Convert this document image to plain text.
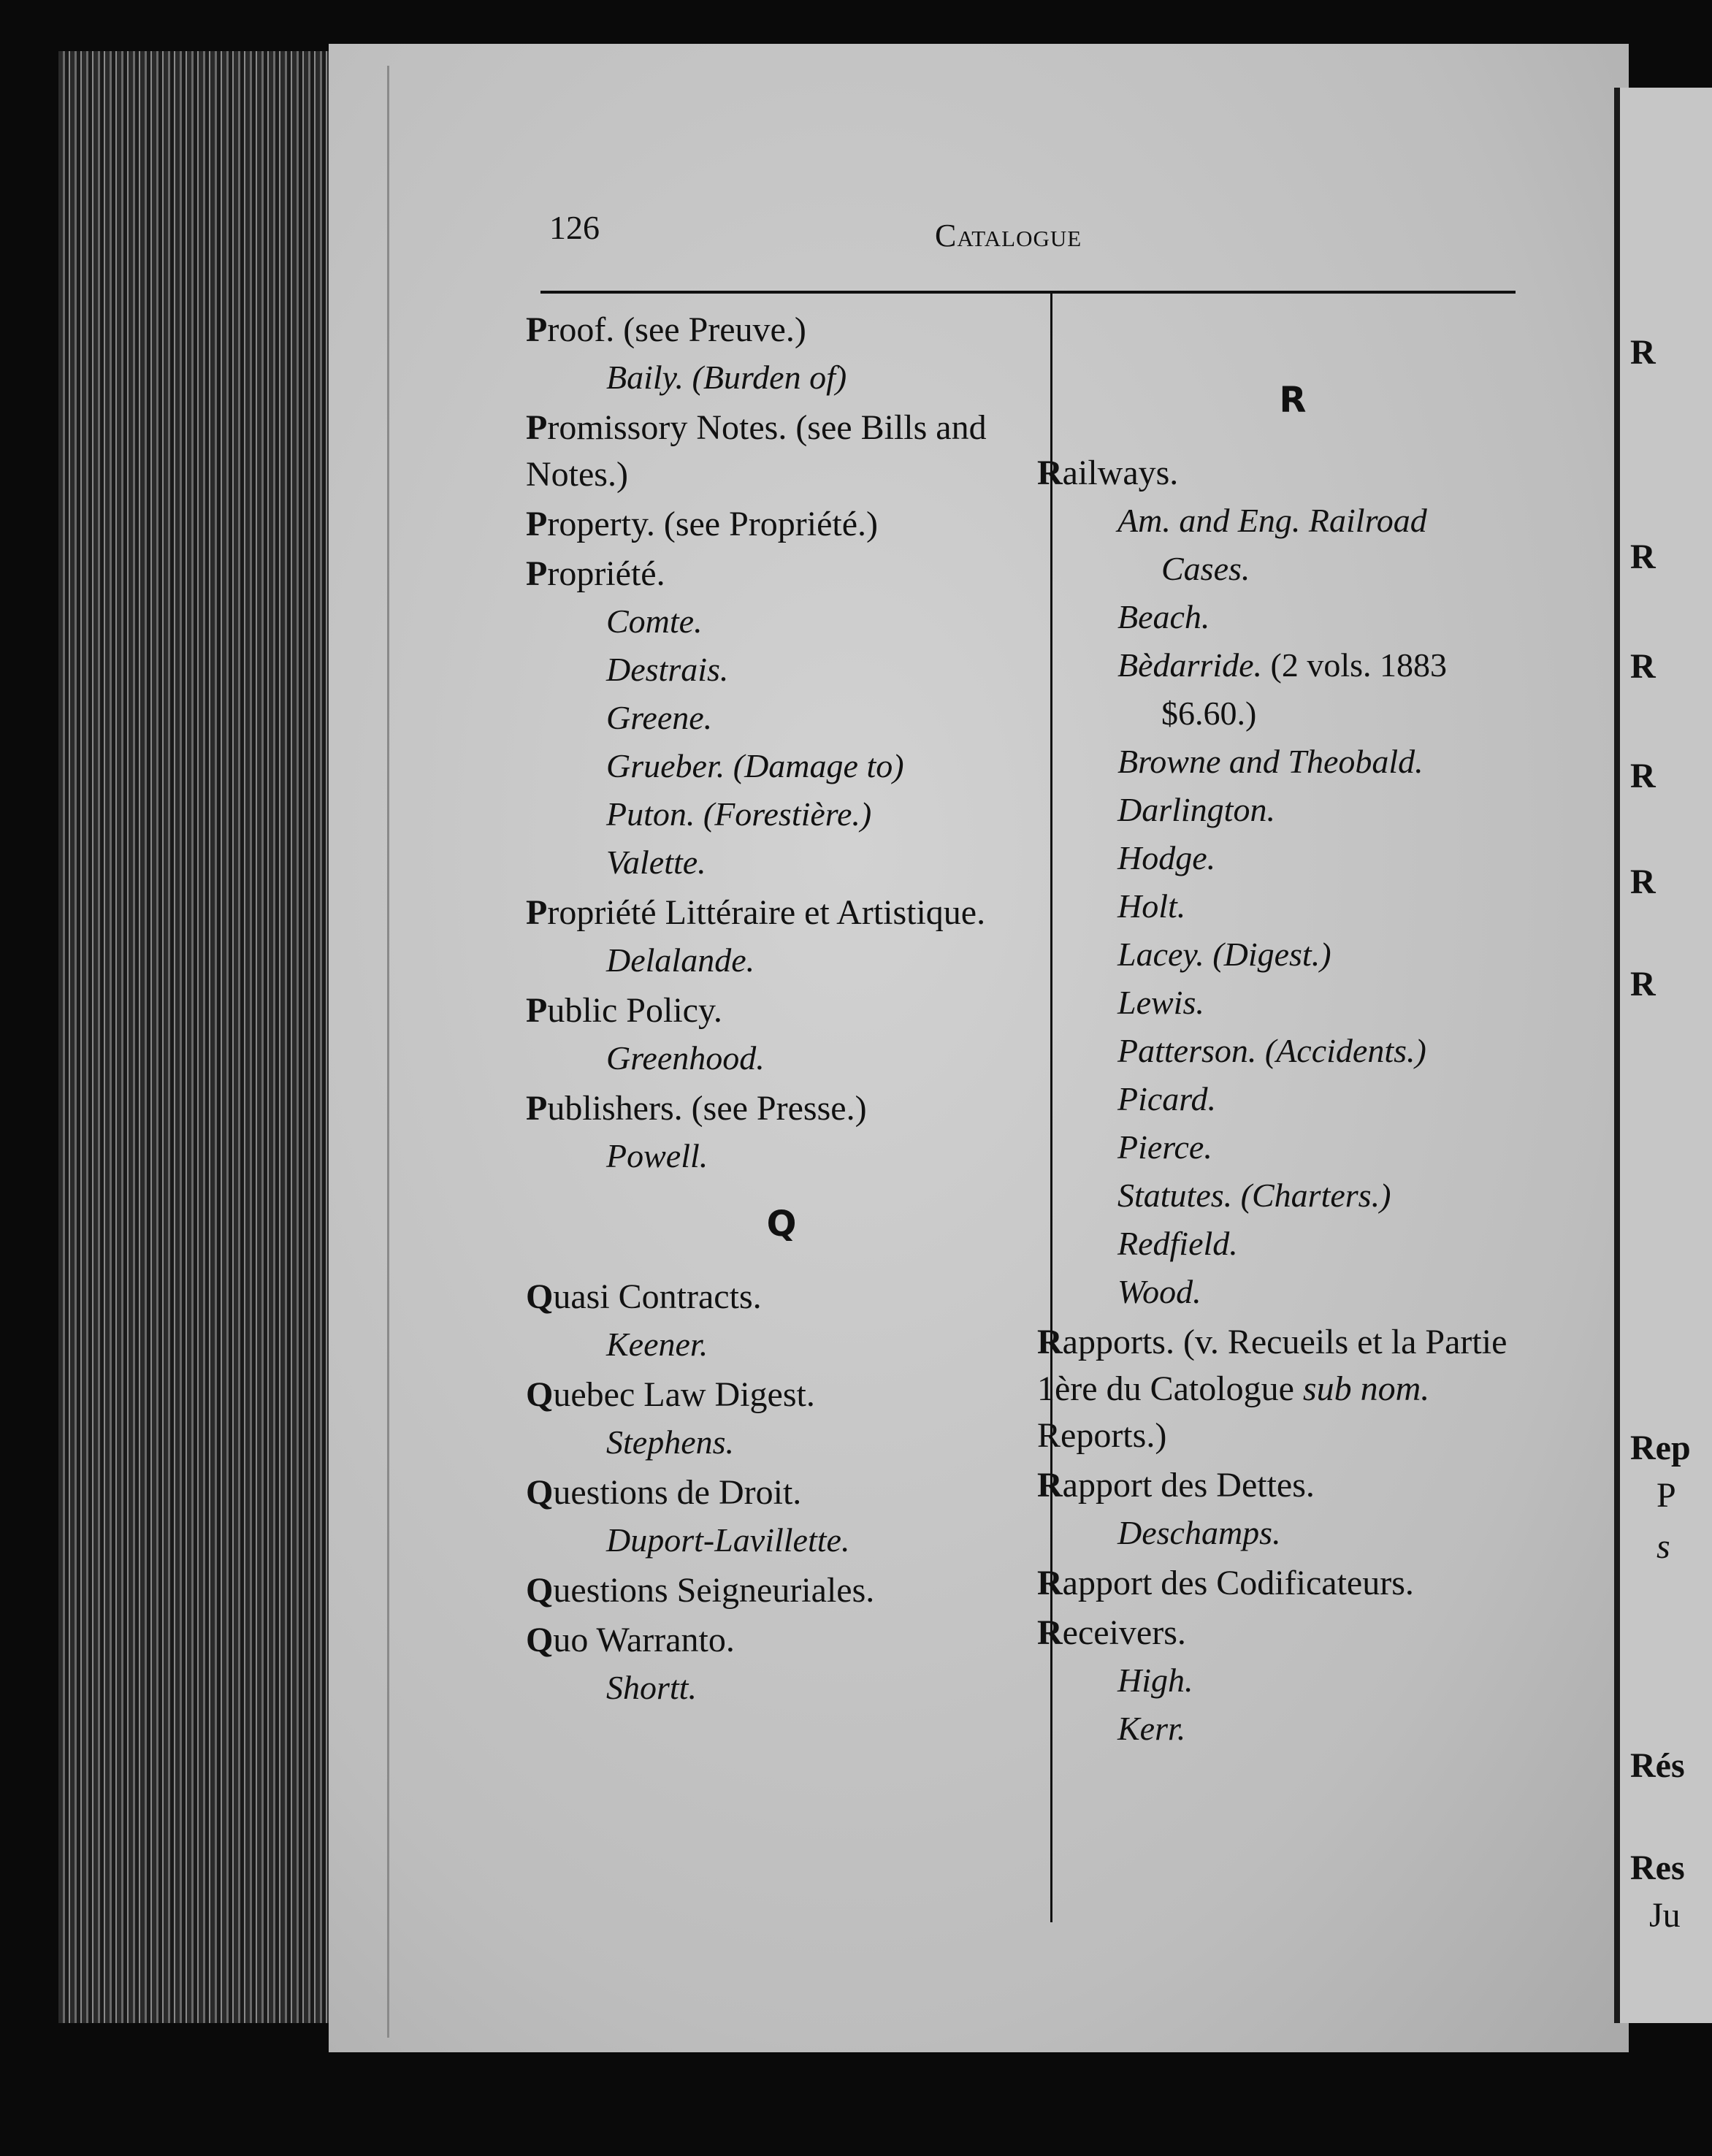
R
R
R
R
R
R
Rep
P
s
Rés
Res
Ju
126	Catalogue
Proof. (see Preuve.)
Baily. (Burden of)
Promissory Notes. (see Bills and Notes.)
Property. (see Propriété.)
Propriété.
Comte.
Destrais.
Greene.
Grueber. (Damage to)
Puton. (Forestière.)
Valette.
Propriété Littéraire et Artistique.
Delalande.
Public Policy.
Greenhood.
Publishers. (see Presse.)
Powell.
Q
Quasi Contracts.
Keener.
Quebec Law Digest.
Stephens.
Questions de Droit.
Duport-Lavillette.
Questions Seigneuriales.
Quo Warranto.
Shortt.
R
Railways.
Am. and Eng. Railroad
Cases.
Beach.
Bèdarride. (2 vols. 1883
$6.60.)
Browne and Theobald.
Darlington.
Hodge.
Holt.
Lacey. (Digest.)
Lewis.
Patterson. (Accidents.)
Picard.
Pierce.
Statutes. (Charters.)
Redfield.
Wood.
Rapports. (v. Recueils et la Partie 1ère du Catologue sub nom. Reports.)
Rapport des Dettes.
Deschamps.
Rapport des Codificateurs.
Receivers.
High.
Kerr.
